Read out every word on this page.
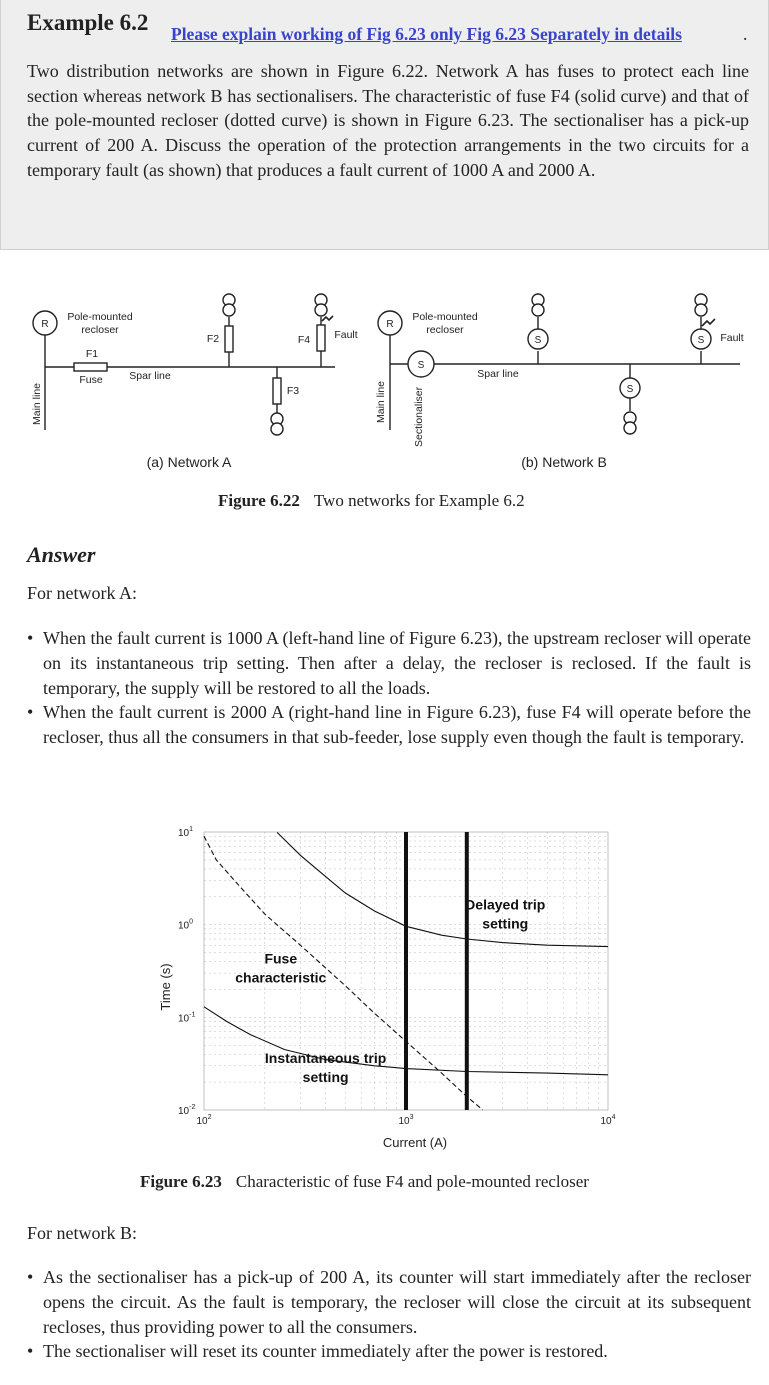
Example 6.2 Please explain working of Fig 6.23 only Fig 6.23 Separately in details	.
Two distribution networks are shown in Figure 6.22. Network A has fuses to protect each line section whereas network B has sectionalisers. The characteristic of fuse F4 (solid curve) and that of the pole-mounted recloser (dotted curve) is shown in Figure 6.23. The sectionaliser has a pick-up current of 200 A. Discuss the operation of the protection arrangements in the two circuits for a temporary fault (as shown) that produces a fault current of 1000 A and 2000 A.
R
Pole-mounted
recloser
F1
Fuse	Spar line
F2	F4
F3
Fault
Main line
(a) Network A
R
Pole-mounted
recloser
S
S	S
S
Spar line
Fault
Main line Sectionaliser
(b) Network B
Figure 6.22 Two networks for Example 6.2
Answer
For network A:
• When the fault current is 1000 A (left-hand line of Figure 6.23), the upstream recloser will operate on its instantaneous trip setting. Then after a delay, the recloser is reclosed. If the fault is temporary, the supply will be restored to all the loads.
• When the fault current is 2000 A (right-hand line in Figure 6.23), fuse F4 will operate before the recloser, thus all the consumers in that sub-feeder, lose supply even though the fault is temporary.
$10^2$	$10^3$	$10^4$
$10^{-2}$
$10^{-1}$
$10^0$
$10^1$
Delayed trip
setting
Fuse
characteristic
Instantaneous trip
setting
Current (A)
Time (s)
Figure 6.23 Characteristic of fuse F4 and pole-mounted recloser
For network B:
• As the sectionaliser has a pick-up of 200 A, its counter will start immediately after the recloser opens the circuit. As the fault is temporary, the recloser will close the circuit at its subsequent recloses, thus providing power to all the consumers.
• The sectionaliser will reset its counter immediately after the power is restored.
